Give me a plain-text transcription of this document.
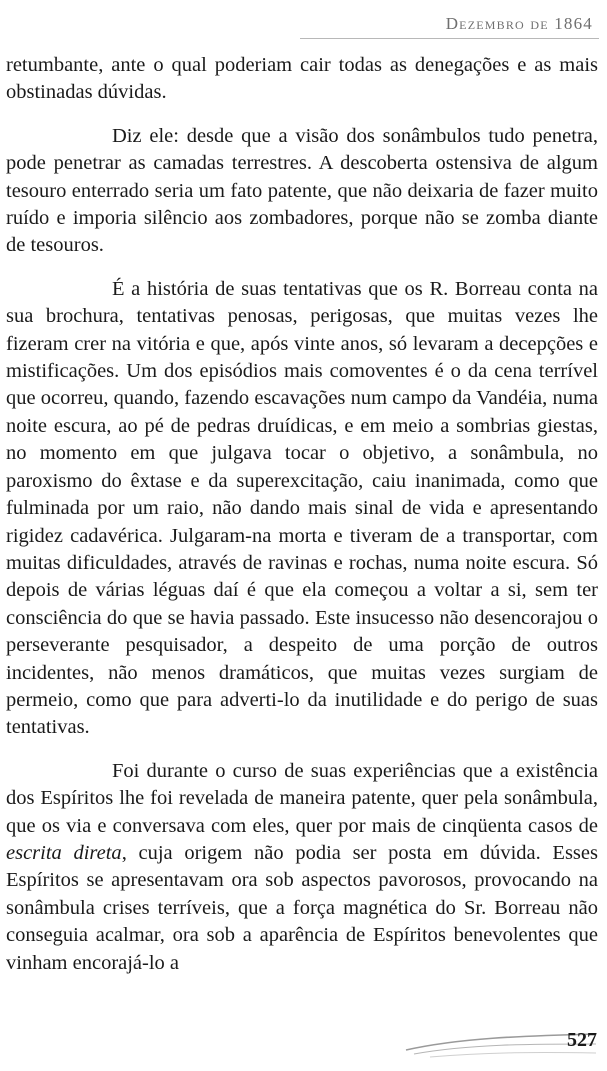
Dezembro de 1864

retumbante, ante o qual poderiam cair todas as denegações e as mais obstinadas dúvidas.

Diz ele: desde que a visão dos sonâmbulos tudo penetra, pode penetrar as camadas terrestres. A descoberta ostensiva de algum tesouro enterrado seria um fato patente, que não deixaria de fazer muito ruído e imporia silêncio aos zombadores, porque não se zomba diante de tesouros.

É a história de suas tentativas que os R. Borreau conta na sua brochura, tentativas penosas, perigosas, que muitas vezes lhe fizeram crer na vitória e que, após vinte anos, só levaram a decepções e mistificações. Um dos episódios mais comoventes é o da cena terrível que ocorreu, quando, fazendo escavações num campo da Vandéia, numa noite escura, ao pé de pedras druídicas, e em meio a sombrias giestas, no momento em que julgava tocar o objetivo, a sonâmbula, no paroxismo do êxtase e da superexcitação, caiu inanimada, como que fulminada por um raio, não dando mais sinal de vida e apresentando rigidez cadavérica. Julgaram-na morta e tiveram de a transportar, com muitas dificuldades, através de ravinas e rochas, numa noite escura. Só depois de várias léguas daí é que ela começou a voltar a si, sem ter consciência do que se havia passado. Este insucesso não desencorajou o perseverante pesquisador, a despeito de uma porção de outros incidentes, não menos dramáticos, que muitas vezes surgiam de permeio, como que para adverti-lo da inutilidade e do perigo de suas tentativas.

Foi durante o curso de suas experiências que a existência dos Espíritos lhe foi revelada de maneira patente, quer pela sonâmbula, que os via e conversava com eles, quer por mais de cinqüenta casos de escrita direta, cuja origem não podia ser posta em dúvida. Esses Espíritos se apresentavam ora sob aspectos pavorosos, provocando na sonâmbula crises terríveis, que a força magnética do Sr. Borreau não conseguia acalmar, ora sob a aparência de Espíritos benevolentes que vinham encorajá-lo a

527
